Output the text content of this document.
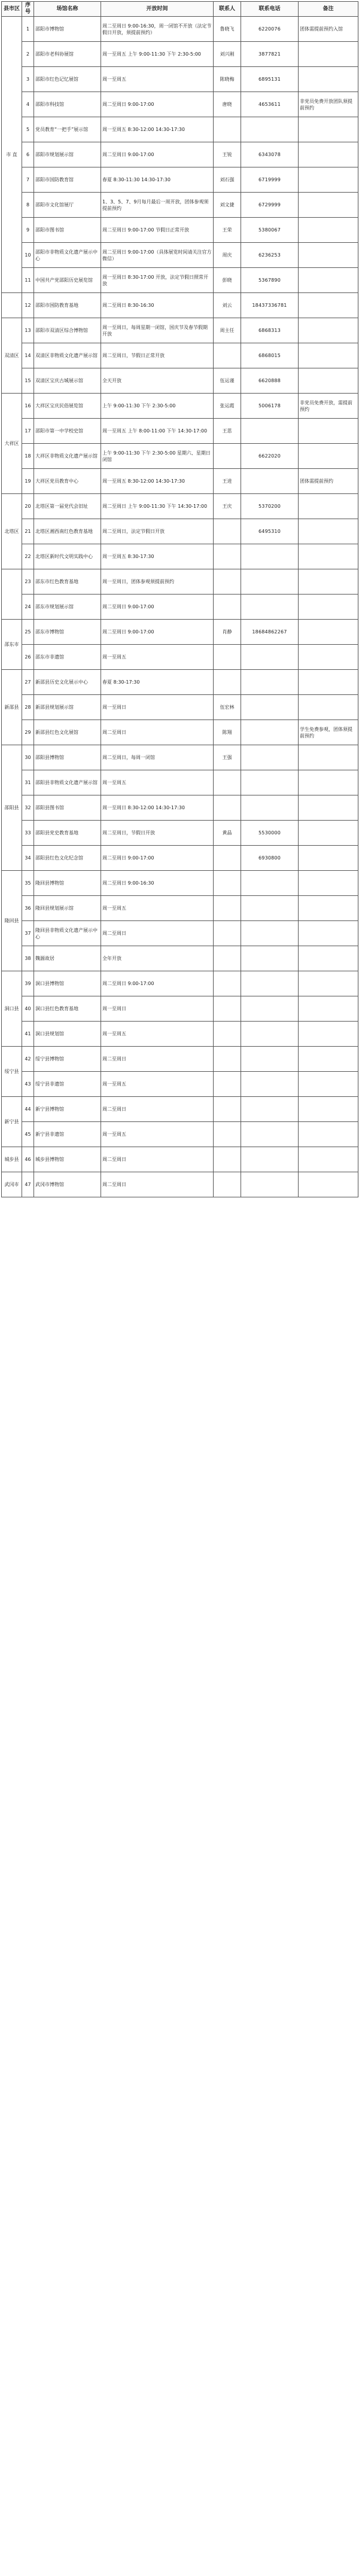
县市区	序号	场馆名称	开放时间	联系人	联系电话	备注
市 直	1	邵阳市博物馆	周二至周日 9:00-16:30，周一闭馆不开放（法定节假日开放，须提前预约）	鲁晓飞	6220076	团体需提前预约入馆
	2	邵阳市老科协展馆	周一至周五 上午 9:00-11:30 下午 2:30-5:00	刘兴刚	3877821	
	3	邵阳市红色记忆展馆	周一至周五	陈晓梅	6895131	
	4	邵阳市科技馆	周二至周日 9:00-17:00	唐晓	4653611	非党员免费开放团队须提前预约
	5	党员教育“一把手”展示馆	周一至周五 8:30-12:00 14:30-17:30			
	6	邵阳市规划展示馆	周二至周日 9:00-17:00	王锐	6343078	
	7	邵阳市国防教育馆	春夏 8:30-11:30 14:30-17:30	刘石强	6719999	
	8	邵阳市文化馆展厅	1、3、5、7、9月每月最后一周开放，团体参观须提前预约	刘文捷	6729999	
	9	邵阳市图书馆	周二至周日 9:00-17:00 节假日正常开放	王荣	5380067	
	10	邵阳市非物质文化遗产展示中心	周二至周日 9:00-17:00（具体展览时间请关注官方微信）	周庆	6236253	
	11	中国共产党邵阳历史展览馆	周一至周日 8:30-17:00 开放，法定节假日照常开放	彭晓	5367890	
	12	邵阳市国防教育基地	周二至周日 8:30-16:30	刘云	18437336781	
双清区	13	邵阳市双清区综合博物馆	周一至周日，每周星期一闭馆，国庆节及春节假期开放	周主任	6868313	
	14	双清区非物质文化遗产展示馆	周二至周日，节假日正常开放		6868015	
	15	双清区宝庆古城展示馆	全天开放	伍运谨	6620888	
大祥区	16	大祥区宝庆民俗展览馆	上午 9:00-11:30 下午 2:30-5:00	张运霞	5006178	非党员免费开放，需提前预约
	17	邵阳市第一中学校史馆	周一至周五 上午 8:00-11:00 下午 14:30-17:00	王思		
	18	大祥区非物质文化遗产展示馆	上午 9:00-11:30 下午 2:30-5:00 星期六、星期日闭馆		6622020	
	19	大祥区党员教育中心	周一至周五 8:30-12:00 14:30-17:30	王进		团体需提前预约
北塔区	20	北塔区第一届党代会旧址	周二至周日 上午 9:00-11:30 下午 14:30-17:00	王庆	5370200	
	21	北塔区湘西南红色教育基地	周二至周日，法定节假日开放		6495310	
	22	北塔区新时代文明实践中心	周一至周五 8:30-17:30			
	23	邵东市红色教育基地	周一至周日，团体参观须提前预约			
	24	邵东市规划展示馆	周二至周日 9:00-17:00			
邵东市	25	邵东市博物馆	周二至周日 9:00-17:00	肖静	18684862267	
	26	邵东市非遗馆	周一至周五			
新邵县	27	新邵县历史文化展示中心	春夏 8:30-17:30			
	28	新邵县规划展示馆	周一至周日	伍宏林		
	29	新邵县红色文化展馆	周二至周日	陈翔		学生免费参观，团体须提前预约
邵阳县	30	邵阳县博物馆	周二至周日，每周一闭馆	王强		
	31	邵阳县非物质文化遗产展示馆	周一至周五			
	32	邵阳县图书馆	周一至周日 8:30-12:00 14:30-17:30			
	33	邵阳县党史教育基地	周二至周日，节假日开放	黄晶	5530000	
	34	邵阳县红色文化纪念馆	周二至周日 9:00-17:00		6930800	
隆回县	35	隆回县博物馆	周二至周日 9:00-16:30			
	36	隆回县规划展示馆	周一至周五			
	37	隆回县非物质文化遗产展示中心	周二至周日			
	38	魏源故居	全年开放			
洞口县	39	洞口县博物馆	周二至周日 9:00-17:00			
	40	洞口县红色教育基地	周一至周日			
	41	洞口县规划馆	周一至周五			
绥宁县	42	绥宁县博物馆	周二至周日			
	43	绥宁县非遗馆	周一至周五			
新宁县	44	新宁县博物馆	周二至周日			
	45	新宁县非遗馆	周一至周五			
城步县	46	城步县博物馆	周二至周日			
武冈市	47	武冈市博物馆	周二至周日			
